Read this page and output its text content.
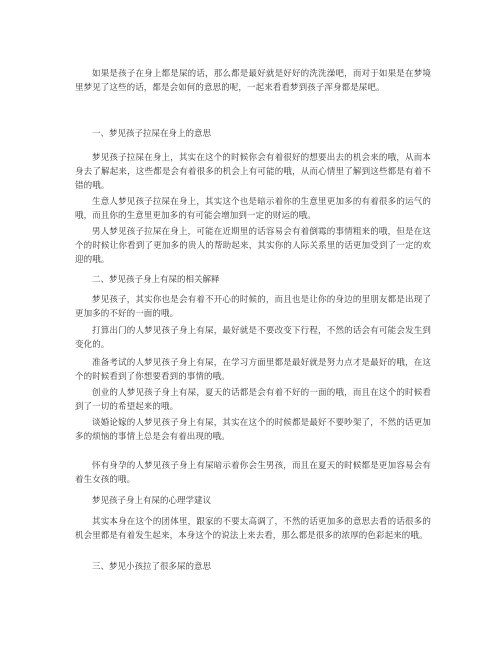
如果是孩子在身上都是屎的话，那么都是最好就是好好的洗洗澡吧，而对于如果是在梦境里梦见了这些的话，都是会如何的意思的呢，一起来看看梦到孩子浑身都是屎吧。

一、梦见孩子拉屎在身上的意思

梦见孩子拉屎在身上，其实在这个的时候你会有着很好的想要出去的机会来的哦，从而本身去了解起来，这些都是会有着很多的机会上有可能的哦，从而心情里了解到这些都是有着不错的哦。

生意人梦见孩子拉屎在身上，其实这个也是暗示着你的生意里更加多的有着很多的运气的哦，而且你的生意里更加多的有可能会增加到一定的财运的哦。

男人梦见孩子拉屎在身上，可能在近期里的话容易会有着倒霉的事情粗来的哦，但是在这个的时候让你看到了更加多的贵人的帮助起来，其实你的人际关系里的话更加受到了一定的欢迎的哦。

二、梦见孩子身上有屎的相关解释

梦见孩子，其实你也是会有着不开心的时候的，而且也是让你的身边的里朋友都是出现了更加多的不好的一面的哦。

打算出门的人梦见孩子身上有屎，最好就是不要改变下行程，不然的话会有可能会发生到变化的。

准备考试的人梦见孩子身上有屎，在学习方面里都是最好就是努力点才是最好的哦，在这个的时候看到了你想要看到的事情的哦。

创业的人梦见孩子身上有屎，夏天的话都是会有着不好的一面的哦，而且在这个的时候看到了一切的希望起来的哦。

谈婚论嫁的人梦见孩子身上有屎，其实在这个的时候都是最好不要吵架了，不然的话更加多的烦恼的事情上总是会有着出现的哦。

怀有身孕的人梦见孩子身上有屎暗示着你会生男孩，而且在夏天的时候都是更加容易会有着生女孩的哦。

梦见孩子身上有屎的心理学建议

其实本身在这个的团体里，跟家的不要太高调了，不然的话更加多的意思去看的话很多的机会里都是有着发生起来，本身这个的说法上来去看，那么都是很多的浓厚的色彩起来的哦。

三、梦见小孩拉了很多屎的意思
